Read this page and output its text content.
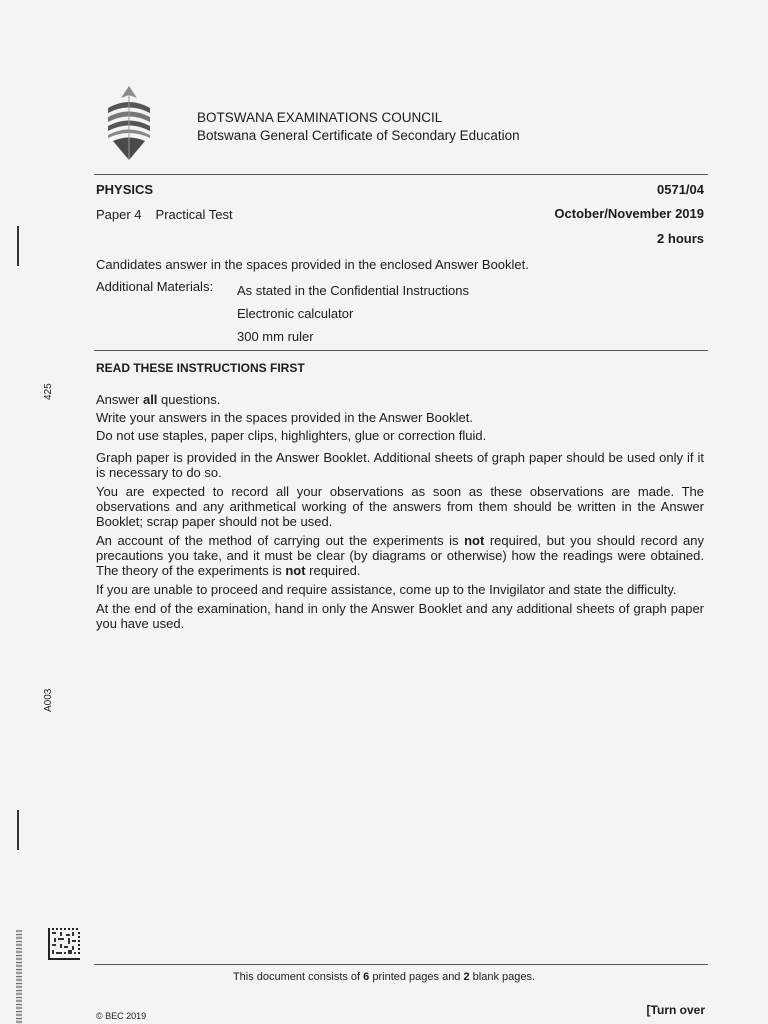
BOTSWANA EXAMINATIONS COUNCIL
Botswana General Certificate of Secondary Education
PHYSICS
Paper 4 Practical Test
0571/04
October/November 2019
2 hours
Candidates answer in the spaces provided in the enclosed Answer Booklet.
Additional Materials: As stated in the Confidential Instructions
Electronic calculator
300 mm ruler
READ THESE INSTRUCTIONS FIRST

Answer all questions.

Write your answers in the spaces provided in the Answer Booklet.

Do not use staples, paper clips, highlighters, glue or correction fluid.

Graph paper is provided in the Answer Booklet. Additional sheets of graph paper should be used only if it is necessary to do so.

You are expected to record all your observations as soon as these observations are made. The observations and any arithmetical working of the answers from them should be written in the Answer Booklet; scrap paper should not be used.

An account of the method of carrying out the experiments is not required, but you should record any precautions you take, and it must be clear (by diagrams or otherwise) how the readings were obtained. The theory of the experiments is not required.

If you are unable to proceed and require assistance, come up to the Invigilator and state the difficulty.

At the end of the examination, hand in only the Answer Booklet and any additional sheets of graph paper you have used.

425
A003
This document consists of 6 printed pages and 2 blank pages.
© BEC 2019	[Turn over
